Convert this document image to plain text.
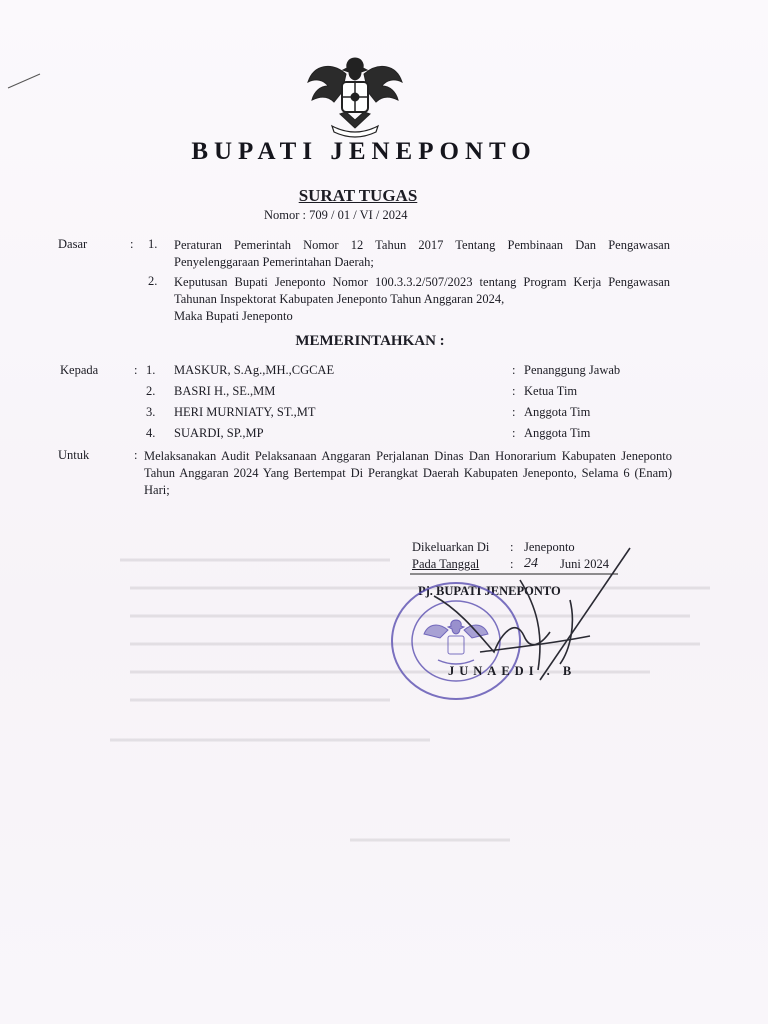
BUPATI JENEPONTO
SURAT TUGAS
Nomor : 709 / 01 / VI / 2024
Dasar	: 1. Peraturan Pemerintah Nomor 12 Tahun 2017 Tentang Pembinaan Dan Pengawasan Penyelenggaraan Pemerintahan Daerah;
2. Keputusan Bupati Jeneponto Nomor 100.3.3.2/507/2023 tentang Program Kerja Pengawasan Tahunan Inspektorat Kabupaten Jeneponto Tahun Anggaran 2024,
Maka Bupati Jeneponto
MEMERINTAHKAN :
Kepada	: 1. MASKUR, S.Ag.,MH.,CGCAE	: Penanggung Jawab
2. BASRI H., SE.,MM	: Ketua Tim
3. HERI MURNIATY, ST.,MT	: Anggota Tim
4. SUARDI, SP.,MP	: Anggota Tim
Untuk	: Melaksanakan Audit Pelaksanaan Anggaran Perjalanan Dinas Dan Honorarium Kabupaten Jeneponto Tahun Anggaran 2024 Yang Bertempat Di Perangkat Daerah Kabupaten Jeneponto, Selama 6 (Enam) Hari;
Dikeluarkan Di : Jeneponto
Pada Tanggal : 24 Juni 2024
Pj. BUPATI JENEPONTO
JUNAEDI . B
